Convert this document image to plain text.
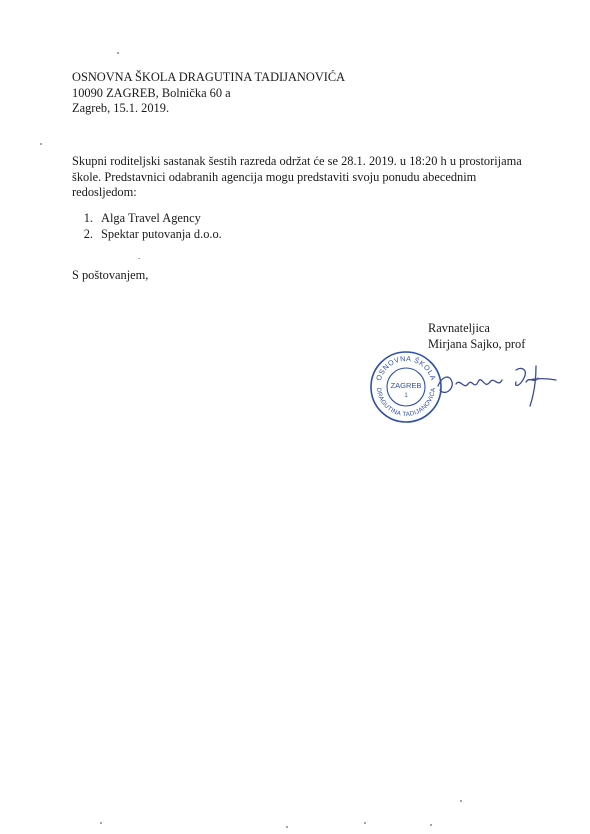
OSNOVNA ŠKOLA DRAGUTINA TADIJANOVIĆA
10090 ZAGREB, Bolnička 60 a
Zagreb, 15.1. 2019.
Skupni roditeljski sastanak šestih razreda održat će se 28.1. 2019. u 18:20 h u prostorijama
škole. Predstavnici odabranih agencija mogu predstaviti svoju ponudu abecednim
redosljedom:
1. Alga Travel Agency
2. Spektar putovanja d.o.o.
S poštovanjem,
Ravnateljica
Mirjana Sajko, prof
OSNOVNA ŠKOLA
DRAGUTINA TADIJANOVIĆA
ZAGREB
1
